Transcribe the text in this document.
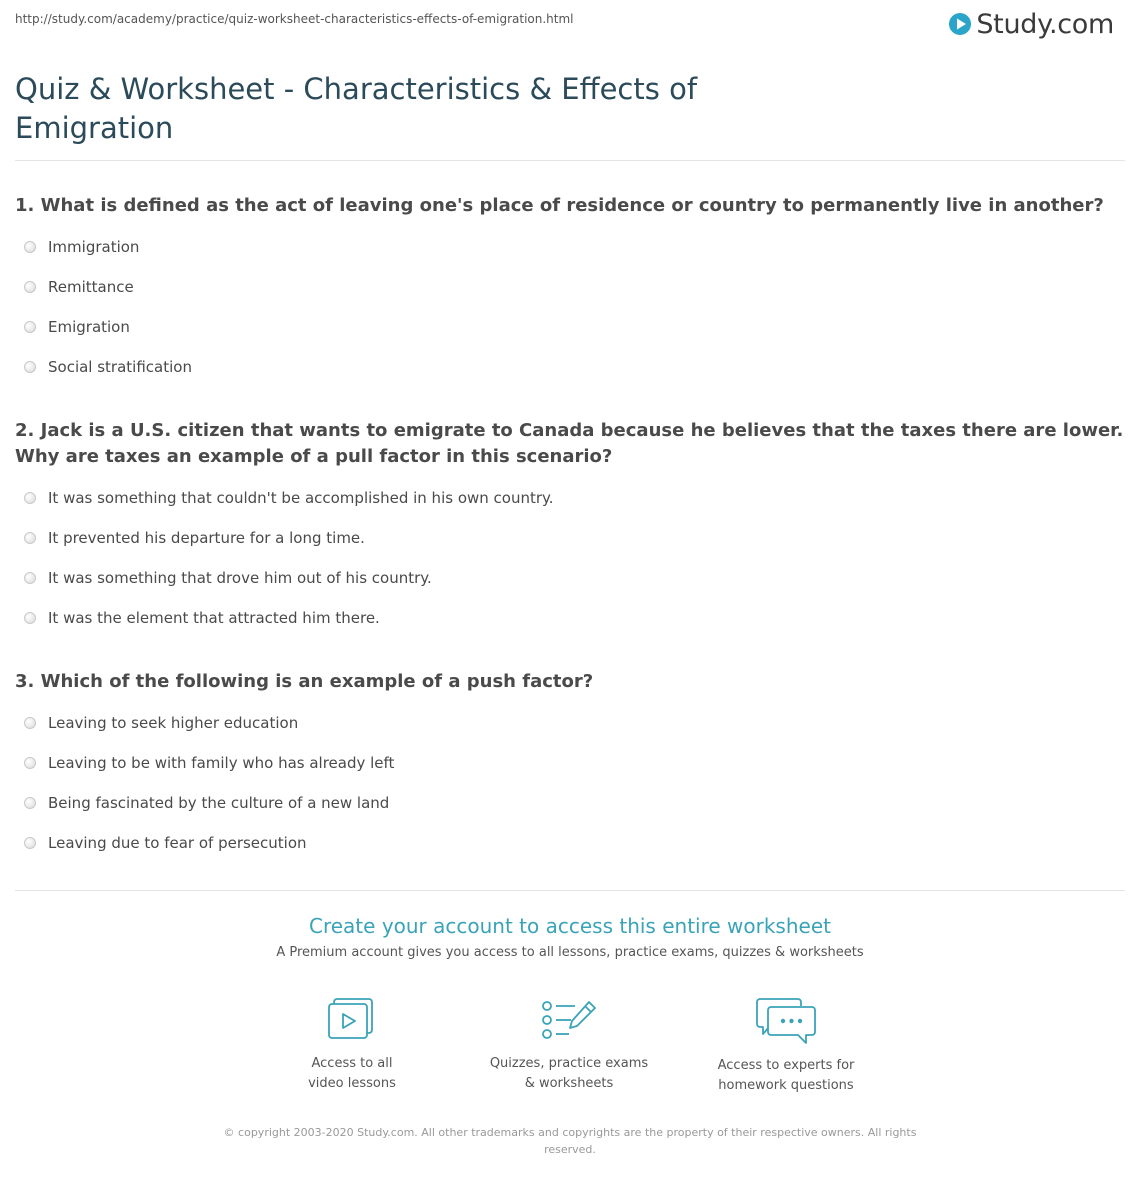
http://study.com/academy/practice/quiz-worksheet-characteristics-effects-of-emigration.html	Study.com
Quiz & Worksheet - Characteristics & Effects of Emigration

1. What is defined as the act of leaving one's place of residence or country to permanently live in another?

Immigration
Remittance
Emigration
Social stratification

2. Jack is a U.S. citizen that wants to emigrate to Canada because he believes that the taxes there are lower. Why are taxes an example of a pull factor in this scenario?

It was something that couldn't be accomplished in his own country.
It prevented his departure for a long time.
It was something that drove him out of his country.
It was the element that attracted him there.

3. Which of the following is an example of a push factor?

Leaving to seek higher education
Leaving to be with family who has already left
Being fascinated by the culture of a new land
Leaving due to fear of persecution

Create your account to access this entire worksheet

A Premium account gives you access to all lessons, practice exams, quizzes & worksheets
Access to all
video lessons
Quizzes, practice exams
& worksheets
Access to experts for
homework questions
© copyright 2003-2020 Study.com. All other trademarks and copyrights are the property of their respective owners. All rights reserved.
